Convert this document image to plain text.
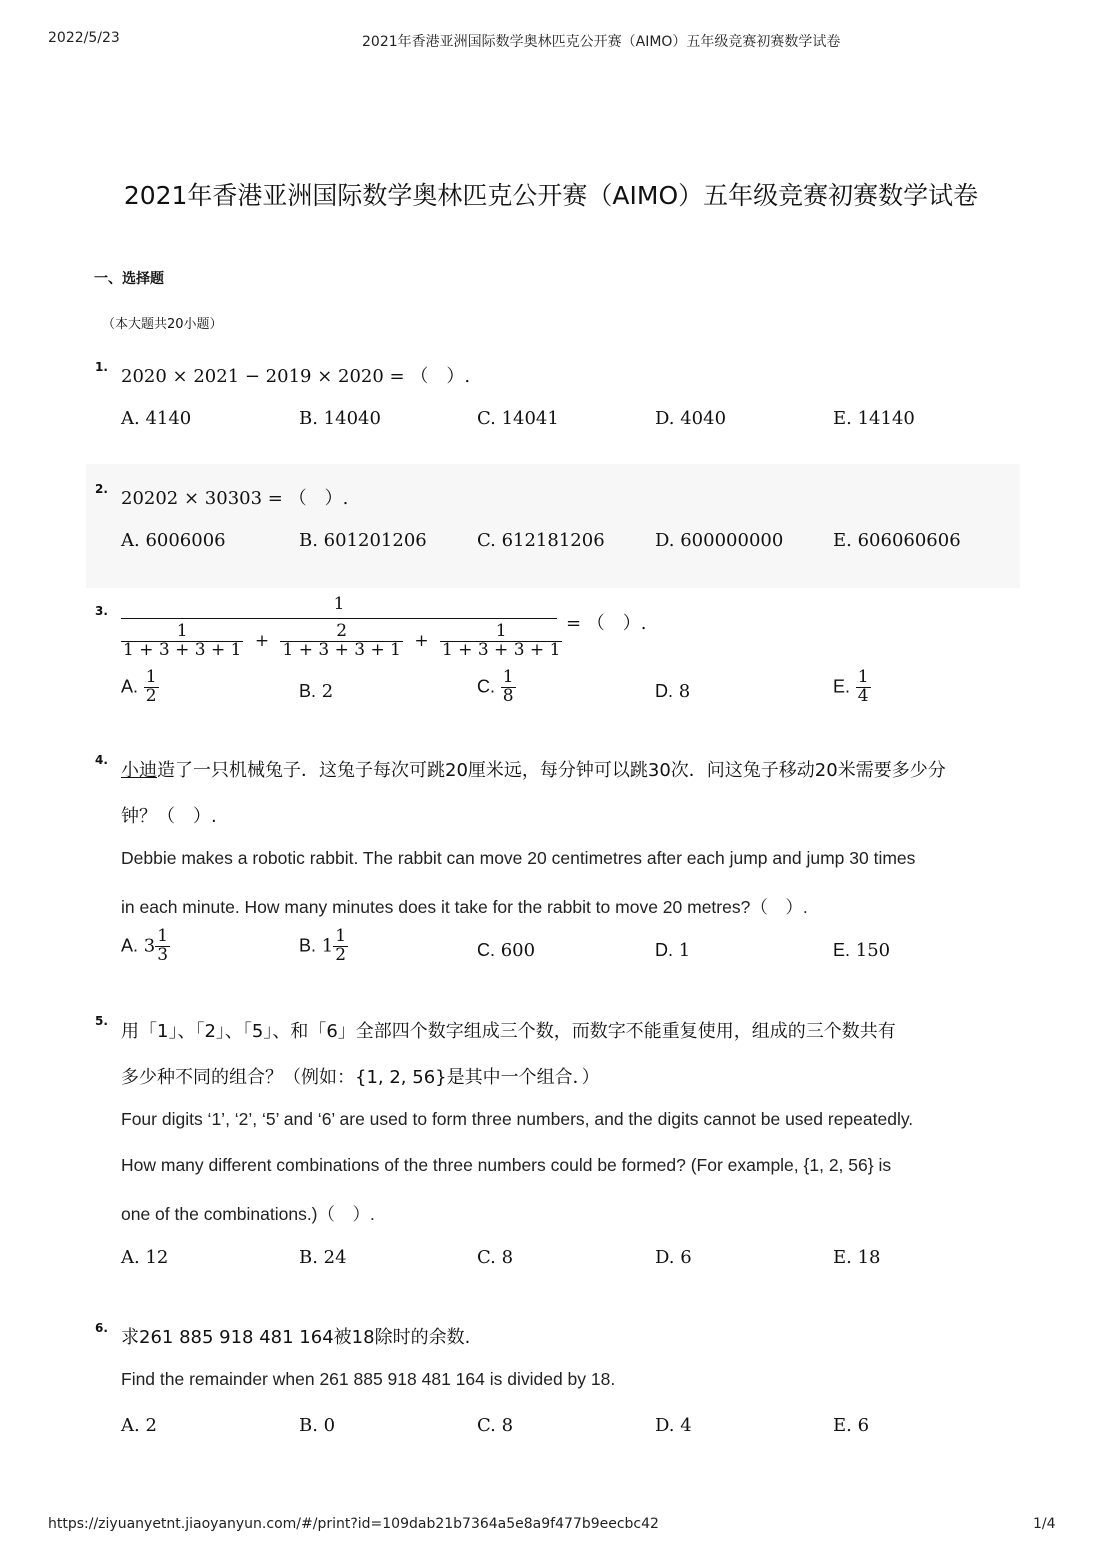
2022/5/23	2021年香港亚洲国际数学奥林匹克公开赛（AIMO）五年级竞赛初赛数学试卷
2021年香港亚洲国际数学奥林匹克公开赛（AIMO）五年级竞赛初赛数学试卷
一、选择题
（本大题共20小题）
1. 2020 × 2021 − 2019 × 2020 = （　）.
A. 4140	B. 14040	C. 14041	D. 4040	E. 14140
2. 20202 × 30303 = （　）.
A. 6006006	B. 601201206	C. 612181206	D. 600000000	E. 606060606
3.	1
$\frac{1}{1 + 3 + 3 + 1} + \frac{2}{1 + 3 + 3 + 1} + \frac{1}{1 + 3 + 3 + 1}$ = （　）.
A. $\frac{1}{2}$	B. 2	C. $\frac{1}{8}$	D. 8	E. $\frac{1}{4}$
4. 小迪造了一只机械兔子．这兔子每次可跳20厘米远，每分钟可以跳30次．问这兔子移动20米需要多少分
钟？（　）.
Debbie makes a robotic rabbit. The rabbit can move 20 centimetres after each jump and jump 30 times
in each minute. How many minutes does it take for the rabbit to move 20 metres?（　）.
A. $3 \frac{1}{3}$	B. $1 \frac{1}{2}$	C. 600	D. 1	E. 150
5. 用「1」、「2」、「5」、和「6」全部四个数字组成三个数，而数字不能重复使用，组成的三个数共有
多少种不同的组合？（例如：{1, 2, 56}是其中一个组合．）
Four digits ‘1’, ‘2’, ‘5’ and ‘6’ are used to form three numbers, and the digits cannot be used repeatedly.
How many different combinations of the three numbers could be formed? (For example, {1, 2, 56} is
one of the combinations.)（　）.
A. 12	B. 24	C. 8	D. 6	E. 18
6. 求261 885 918 481 164被18除时的余数.
Find the remainder when 261 885 918 481 164 is divided by 18.
A. 2	B. 0	C. 8	D. 4	E. 6
https://ziyuanyetnt.jiaoyanyun.com/#/print?id=109dab21b7364a5e8a9f477b9eecbc42	1/4
